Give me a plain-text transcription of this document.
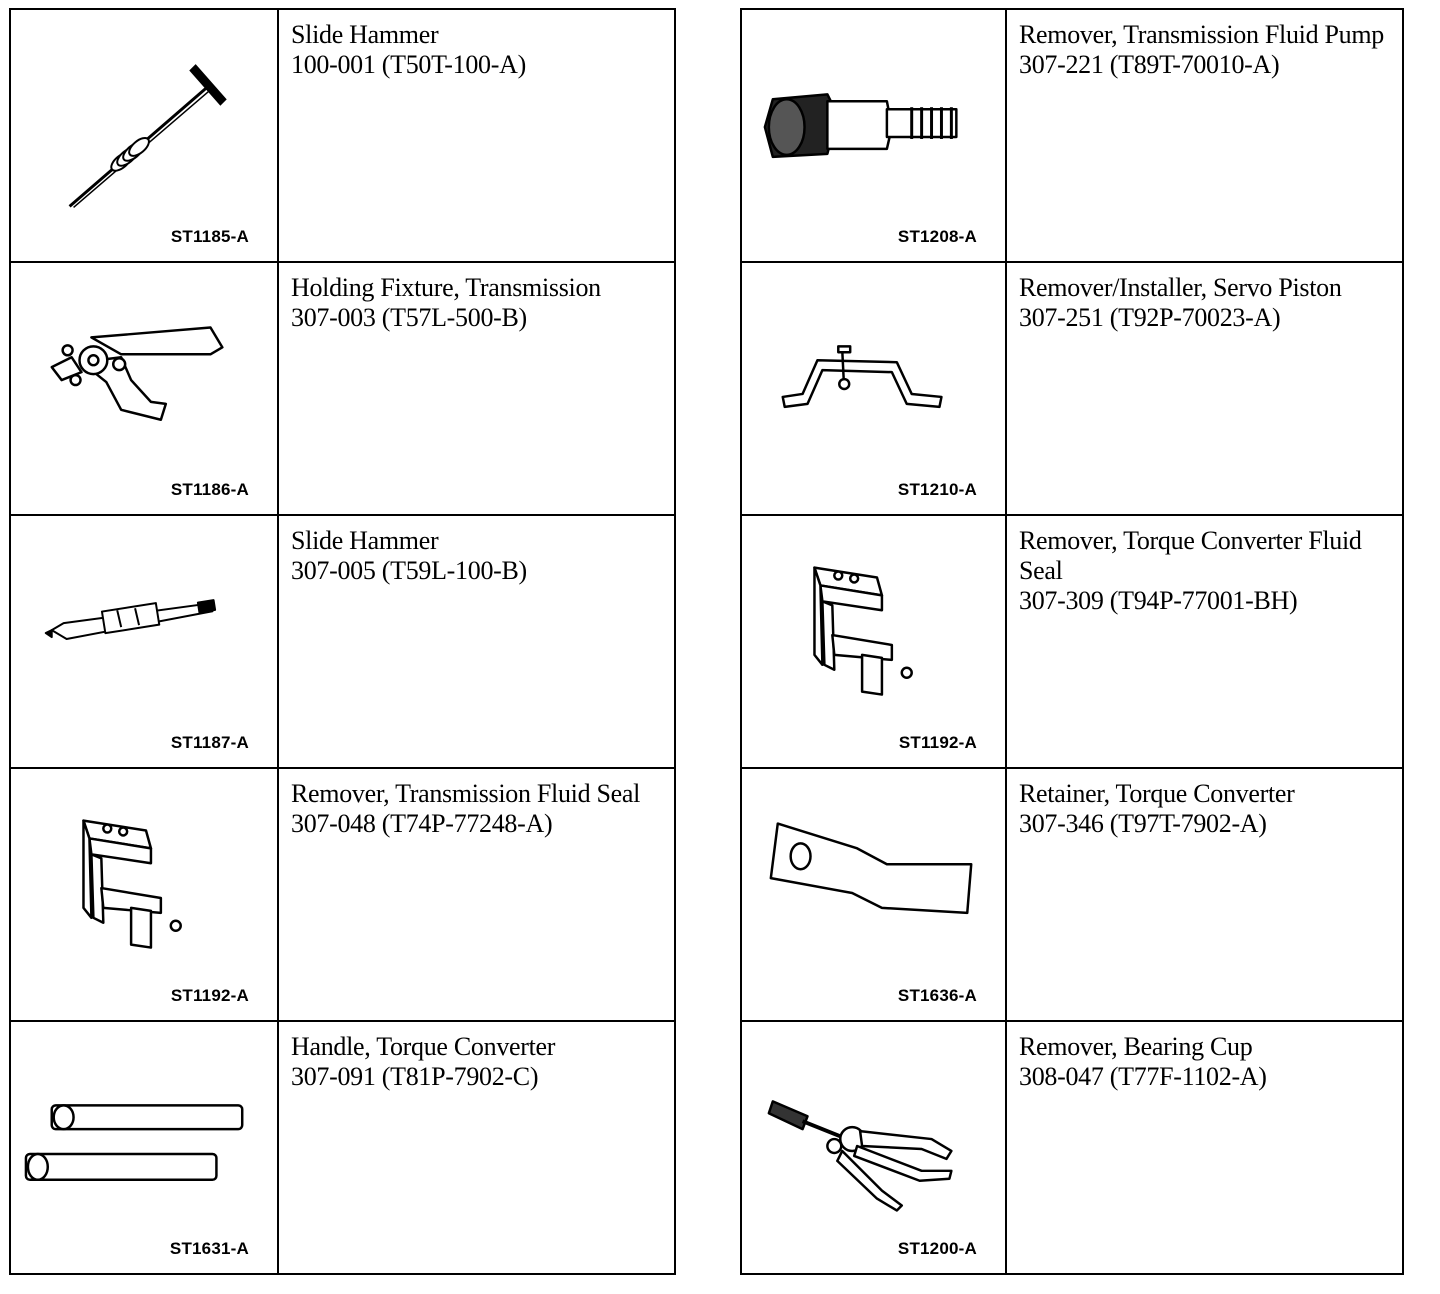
ST1185-A	Slide Hammer
100-001 (T50T-100-A)

ST1186-A	Holding Fixture, Transmission
307-003 (T57L-500-B)

ST1187-A	Slide Hammer
307-005 (T59L-100-B)

ST1192-A	Remover, Transmission Fluid Seal
307-048 (T74P-77248-A)

ST1631-A	Handle, Torque Converter
307-091 (T81P-7902-C)
ST1208-A	Remover, Transmission Fluid Pump
307-221 (T89T-70010-A)

ST1210-A	Remover/Installer, Servo Piston
307-251 (T92P-70023-A)

ST1192-A	Remover, Torque Converter Fluid Seal
307-309 (T94P-77001-BH)

ST1636-A	Retainer, Torque Converter
307-346 (T97T-7902-A)

ST1200-A	Remover, Bearing Cup
308-047 (T77F-1102-A)
